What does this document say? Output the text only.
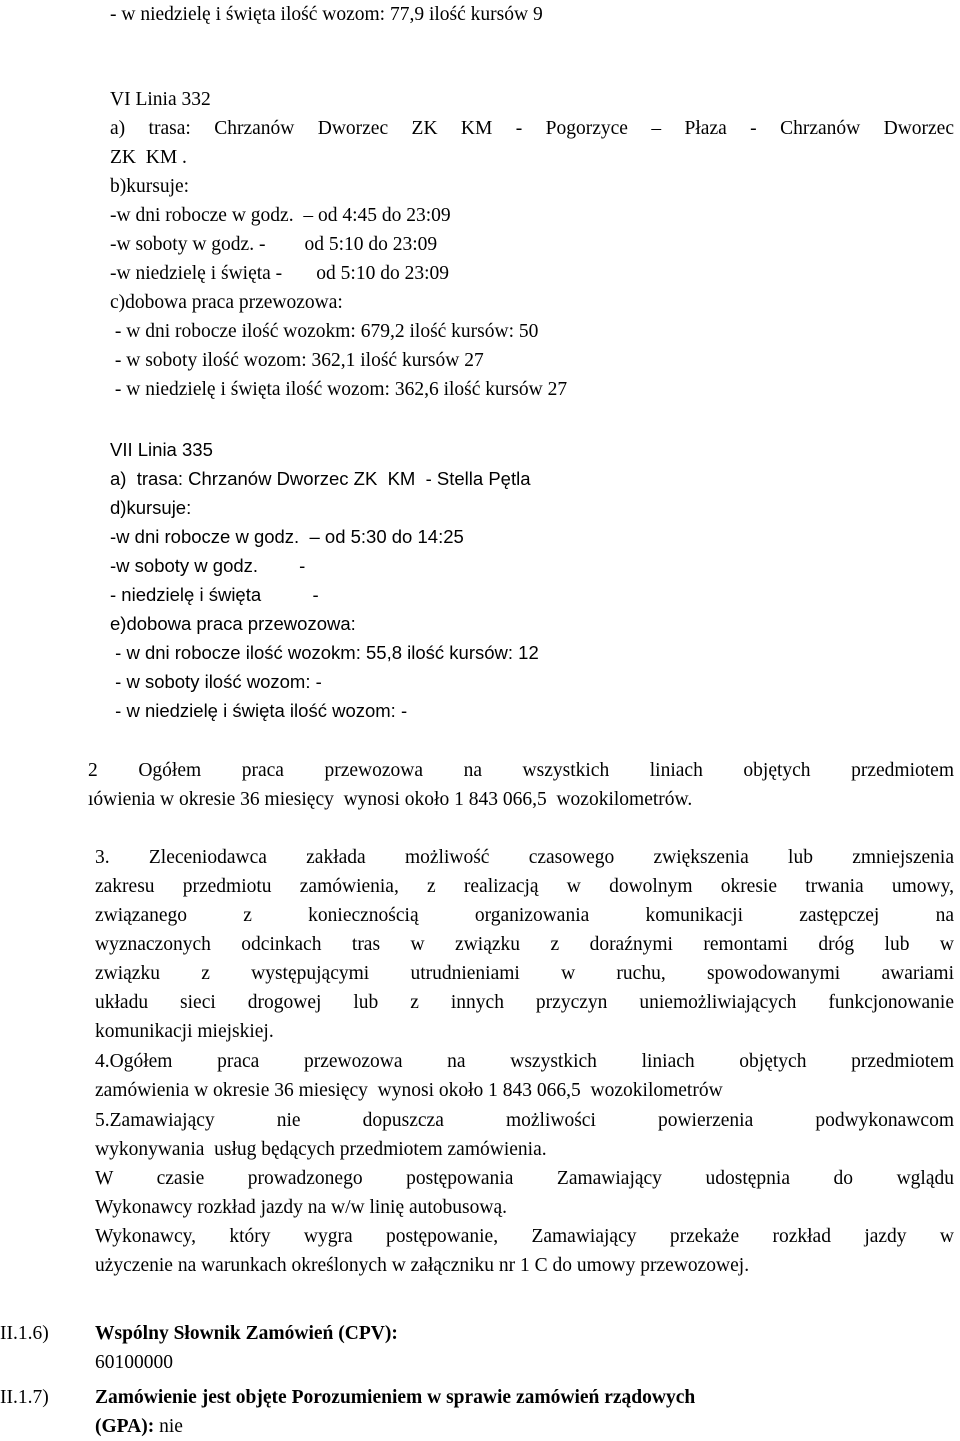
- w niedzielę i święta ilość wozom: 77,9 ilość kursów 9

VI Linia 332

a) trasa: Chrzanów Dworzec ZK KM - Pogorzyce – Płaza - Chrzanów Dworzec

ZK  KM .

b)kursuje:

-w dni robocze w godz.  – od 4:45 do 23:09

-w soboty w godz. -        od 5:10 do 23:09

-w niedzielę i święta -       od 5:10 do 23:09

c)dobowa praca przewozowa:

- w dni robocze ilość wozokm: 679,2 ilość kursów: 50

- w soboty ilość wozom: 362,1 ilość kursów 27

- w niedzielę i święta ilość wozom: 362,6 ilość kursów 27

VII Linia 335

a)  trasa: Chrzanów Dworzec ZK  KM  - Stella Pętla

d)kursuje:

-w dni robocze w godz.  – od 5:30 do 14:25

-w soboty w godz.        -

- niedzielę i święta          -

e)dobowa praca przewozowa:

- w dni robocze ilość wozokm: 55,8 ilość kursów: 12

- w soboty ilość wozom: -

- w niedzielę i święta ilość wozom: -

2 Ogółem praca przewozowa na wszystkich liniach objętych przedmiotem

ıówienia w okresie 36 miesięcy  wynosi około 1 843 066,5  wozokilometrów.

3. Zleceniodawca zakłada możliwość czasowego zwiększenia lub zmniejszenia

zakresu przedmiotu zamówienia, z realizacją w dowolnym okresie trwania umowy,

związanego z koniecznością organizowania komunikacji zastępczej na

wyznaczonych odcinkach tras w związku z doraźnymi remontami dróg lub w

związku z występującymi utrudnieniami w ruchu, spowodowanymi awariami

układu sieci drogowej lub z innych przyczyn uniemożliwiających funkcjonowanie

komunikacji miejskiej.

4.Ogółem praca przewozowa na wszystkich liniach objętych przedmiotem

zamówienia w okresie 36 miesięcy  wynosi około 1 843 066,5  wozokilometrów

5.Zamawiający nie dopuszcza możliwości powierzenia podwykonawcom

wykonywania  usług będących przedmiotem zamówienia.

W czasie prowadzonego postępowania Zamawiający udostępnia do wglądu

Wykonawcy rozkład jazdy na w/w linię autobusową.

Wykonawcy, który wygra postępowanie, Zamawiający przekaże rozkład jazdy w

użyczenie na warunkach określonych w załączniku nr 1 C do umowy przewozowej.

II.1.6) Wspólny Słownik Zamówień (CPV):

60100000

II.1.7) Zamówienie jest objęte Porozumieniem w sprawie zamówień rządowych

(GPA): nie
